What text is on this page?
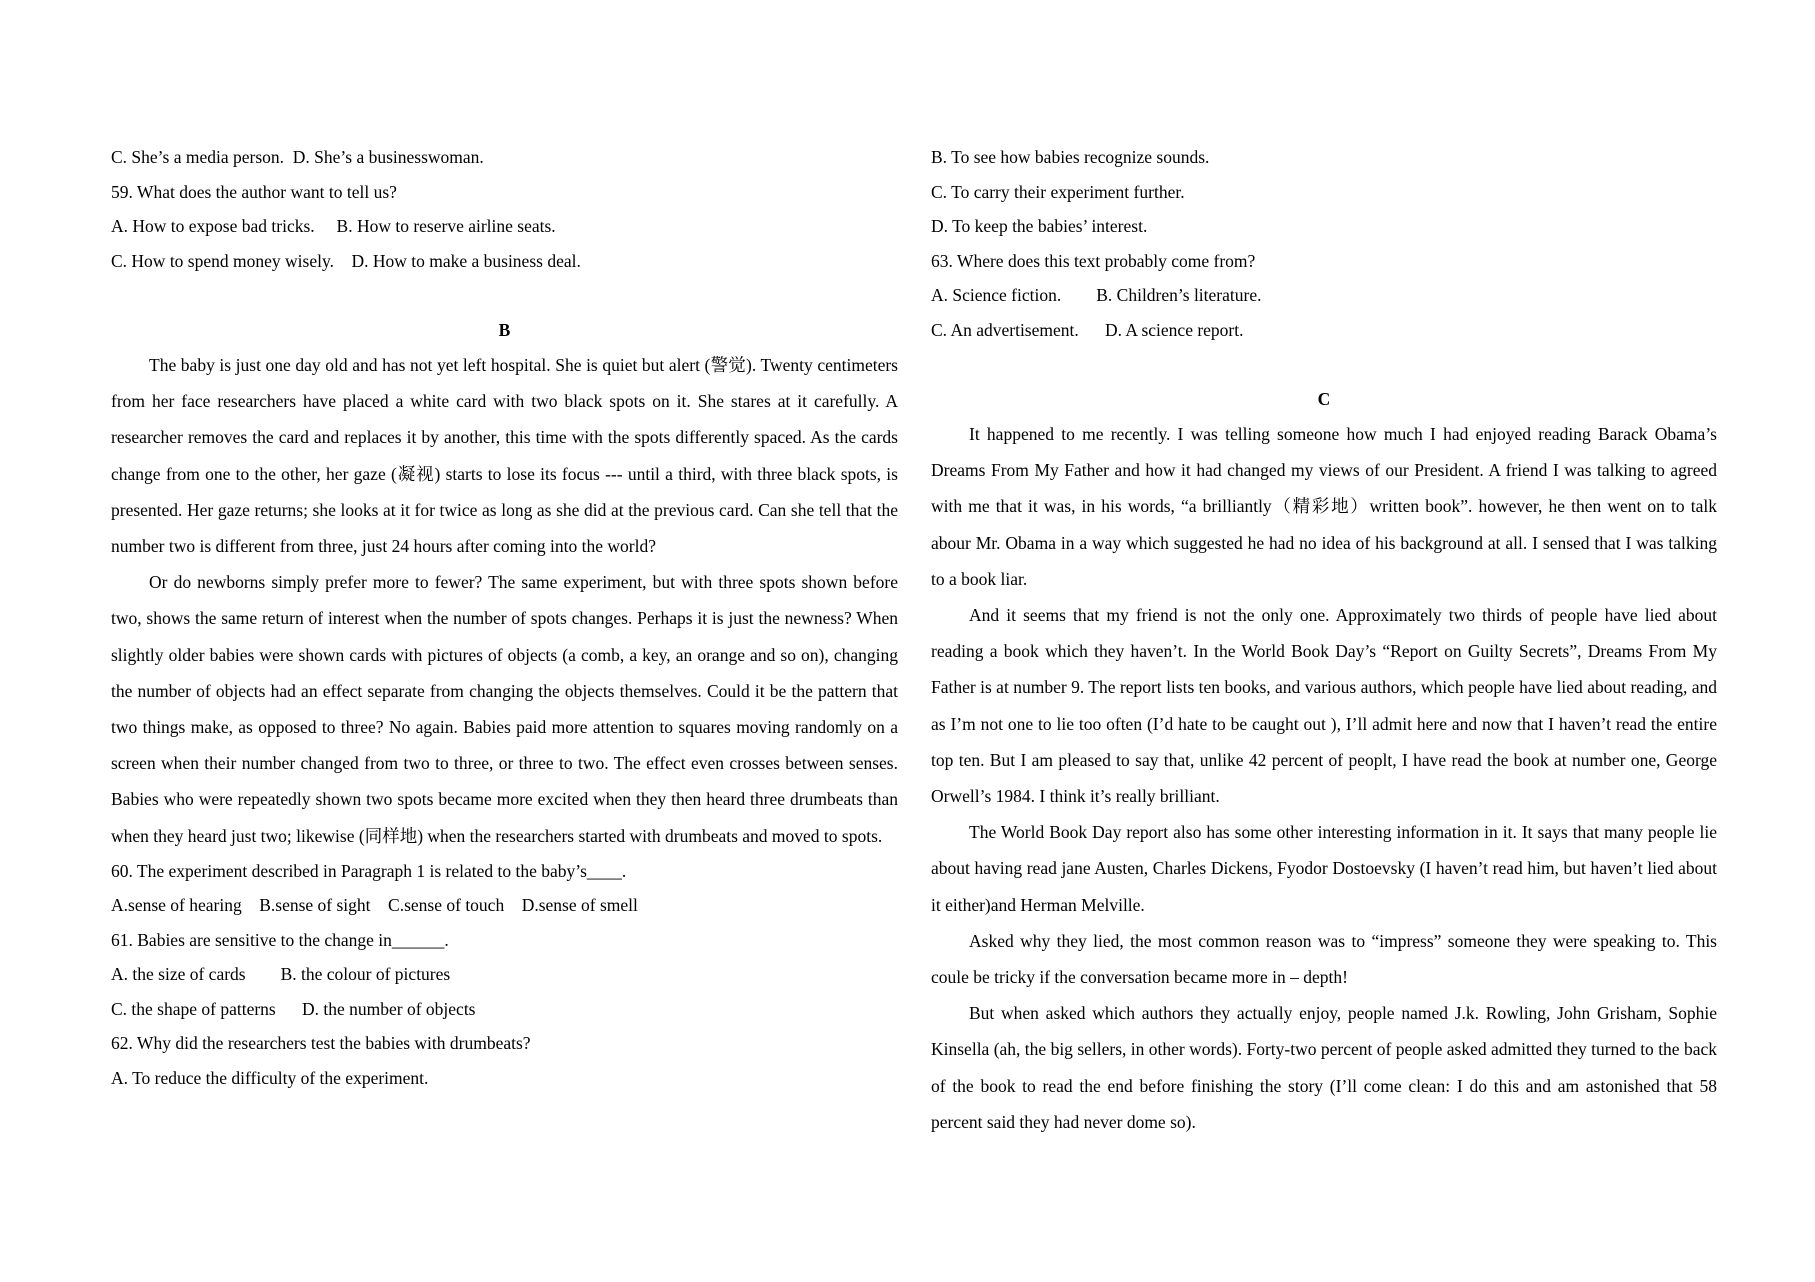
C. She’s a media person.  D. She’s a businesswoman.
59. What does the author want to tell us?
A. How to expose bad tricks.     B. How to reserve airline seats.
C. How to spend money wisely.    D. How to make a business deal.
B

The baby is just one day old and has not yet left hospital. She is quiet but alert (警觉). Twenty centimeters from her face researchers have placed a white card with two black spots on it. She stares at it carefully. A researcher removes the card and replaces it by another, this time with the spots differently spaced. As the cards change from one to the other, her gaze (凝视) starts to lose its focus --- until a third, with three black spots, is presented. Her gaze returns; she looks at it for twice as long as she did at the previous card. Can she tell that the number two is different from three, just 24 hours after coming into the world?

Or do newborns simply prefer more to fewer? The same experiment, but with three spots shown before two, shows the same return of interest when the number of spots changes. Perhaps it is just the newness? When slightly older babies were shown cards with pictures of objects (a comb, a key, an orange and so on), changing the number of objects had an effect separate from changing the objects themselves. Could it be the pattern that two things make, as opposed to three? No again. Babies paid more attention to squares moving randomly on a screen when their number changed from two to three, or three to two. The effect even crosses between senses. Babies who were repeatedly shown two spots became more excited when they then heard three drumbeats than when they heard just two; likewise (同样地) when the researchers started with drumbeats and moved to spots.

60. The experiment described in Paragraph 1 is related to the baby’s____.
A.sense of hearing    B.sense of sight    C.sense of touch    D.sense of smell
61. Babies are sensitive to the change in______.
A. the size of cards        B. the colour of pictures
C. the shape of patterns      D. the number of objects
62. Why did the researchers test the babies with drumbeats?
A. To reduce the difficulty of the experiment.
B. To see how babies recognize sounds.
C. To carry their experiment further.
D. To keep the babies’ interest.
63. Where does this text probably come from?
A. Science fiction.        B. Children’s literature.
C. An advertisement.      D. A science report.
C

It happened to me recently. I was telling someone how much I had enjoyed reading Barack Obama’s Dreams From My Father and how it had changed my views of our President. A friend I was talking to agreed with me that it was, in his words, “a brilliantly（精彩地）written book”. however, he then went on to talk abour Mr. Obama in a way which suggested he had no idea of his background at all. I sensed that I was talking to a book liar.

And it seems that my friend is not the only one. Approximately two thirds of people have lied about reading a book which they haven’t. In the World Book Day’s “Report on Guilty Secrets”, Dreams From My Father is at number 9. The report lists ten books, and various authors, which people have lied about reading, and as I’m not one to lie too often (I’d hate to be caught out ), I’ll admit here and now that I haven’t read the entire top ten. But I am pleased to say that, unlike 42 percent of peoplt, I have read the book at number one, George Orwell’s 1984. I think it’s really brilliant.

The World Book Day report also has some other interesting information in it. It says that many people lie about having read jane Austen, Charles Dickens, Fyodor Dostoevsky (I haven’t read him, but haven’t lied about it either)and Herman Melville.

Asked why they lied, the most common reason was to “impress” someone they were speaking to. This coule be tricky if the conversation became more in – depth!

But when asked which authors they actually enjoy, people named J.k. Rowling, John Grisham, Sophie Kinsella (ah, the big sellers, in other words). Forty-two percent of people asked admitted they turned to the back of the book to read the end before finishing the story (I’ll come clean: I do this and am astonished that 58 percent said they had never dome so).
